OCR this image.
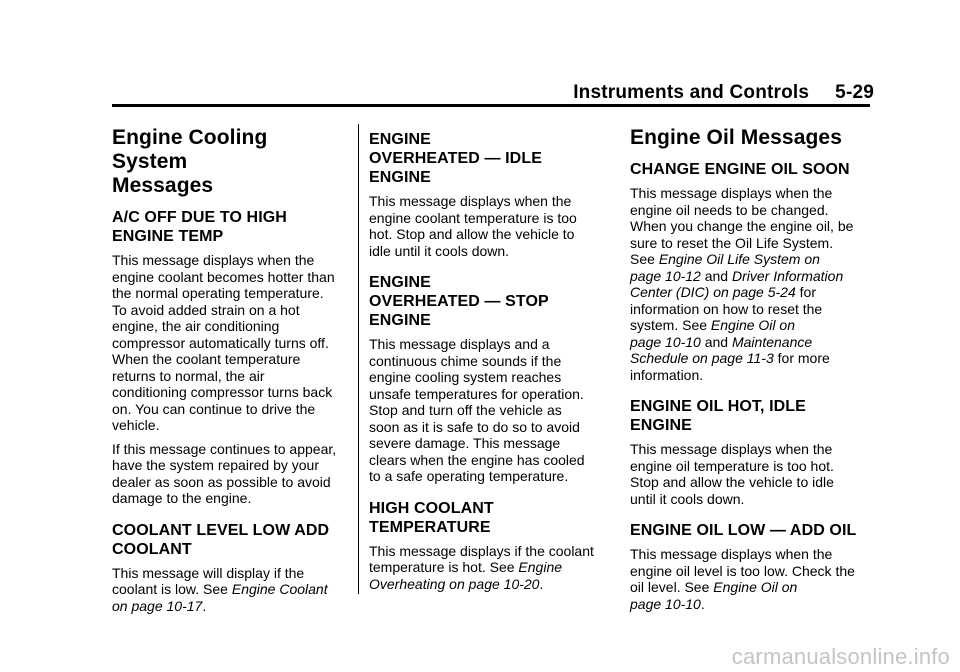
Instruments and Controls 5-29
Engine Cooling System
Messages
A/C OFF DUE TO HIGH
ENGINE TEMP

This message displays when the
engine coolant becomes hotter than
the normal operating temperature.
To avoid added strain on a hot
engine, the air conditioning
compressor automatically turns off.
When the coolant temperature
returns to normal, the air
conditioning compressor turns back
on. You can continue to drive the
vehicle.

If this message continues to appear,
have the system repaired by your
dealer as soon as possible to avoid
damage to the engine.

COOLANT LEVEL LOW ADD
COOLANT

This message will display if the
coolant is low. See Engine Coolant
on page 10-17.

ENGINE
OVERHEATED — IDLE
ENGINE

This message displays when the
engine coolant temperature is too
hot. Stop and allow the vehicle to
idle until it cools down.

ENGINE
OVERHEATED — STOP
ENGINE

This message displays and a
continuous chime sounds if the
engine cooling system reaches
unsafe temperatures for operation.
Stop and turn off the vehicle as
soon as it is safe to do so to avoid
severe damage. This message
clears when the engine has cooled
to a safe operating temperature.

HIGH COOLANT
TEMPERATURE

This message displays if the coolant
temperature is hot. See Engine
Overheating on page 10-20.

Engine Oil Messages
CHANGE ENGINE OIL SOON

This message displays when the
engine oil needs to be changed.
When you change the engine oil, be
sure to reset the Oil Life System.
See Engine Oil Life System on
page 10-12 and Driver Information
Center (DIC) on page 5-24 for
information on how to reset the
system. See Engine Oil on
page 10-10 and Maintenance
Schedule on page 11-3 for more
information.

ENGINE OIL HOT, IDLE
ENGINE

This message displays when the
engine oil temperature is too hot.
Stop and allow the vehicle to idle
until it cools down.

ENGINE OIL LOW — ADD OIL

This message displays when the
engine oil level is too low. Check the
oil level. See Engine Oil on
page 10-10.

carmanualsonline.info
